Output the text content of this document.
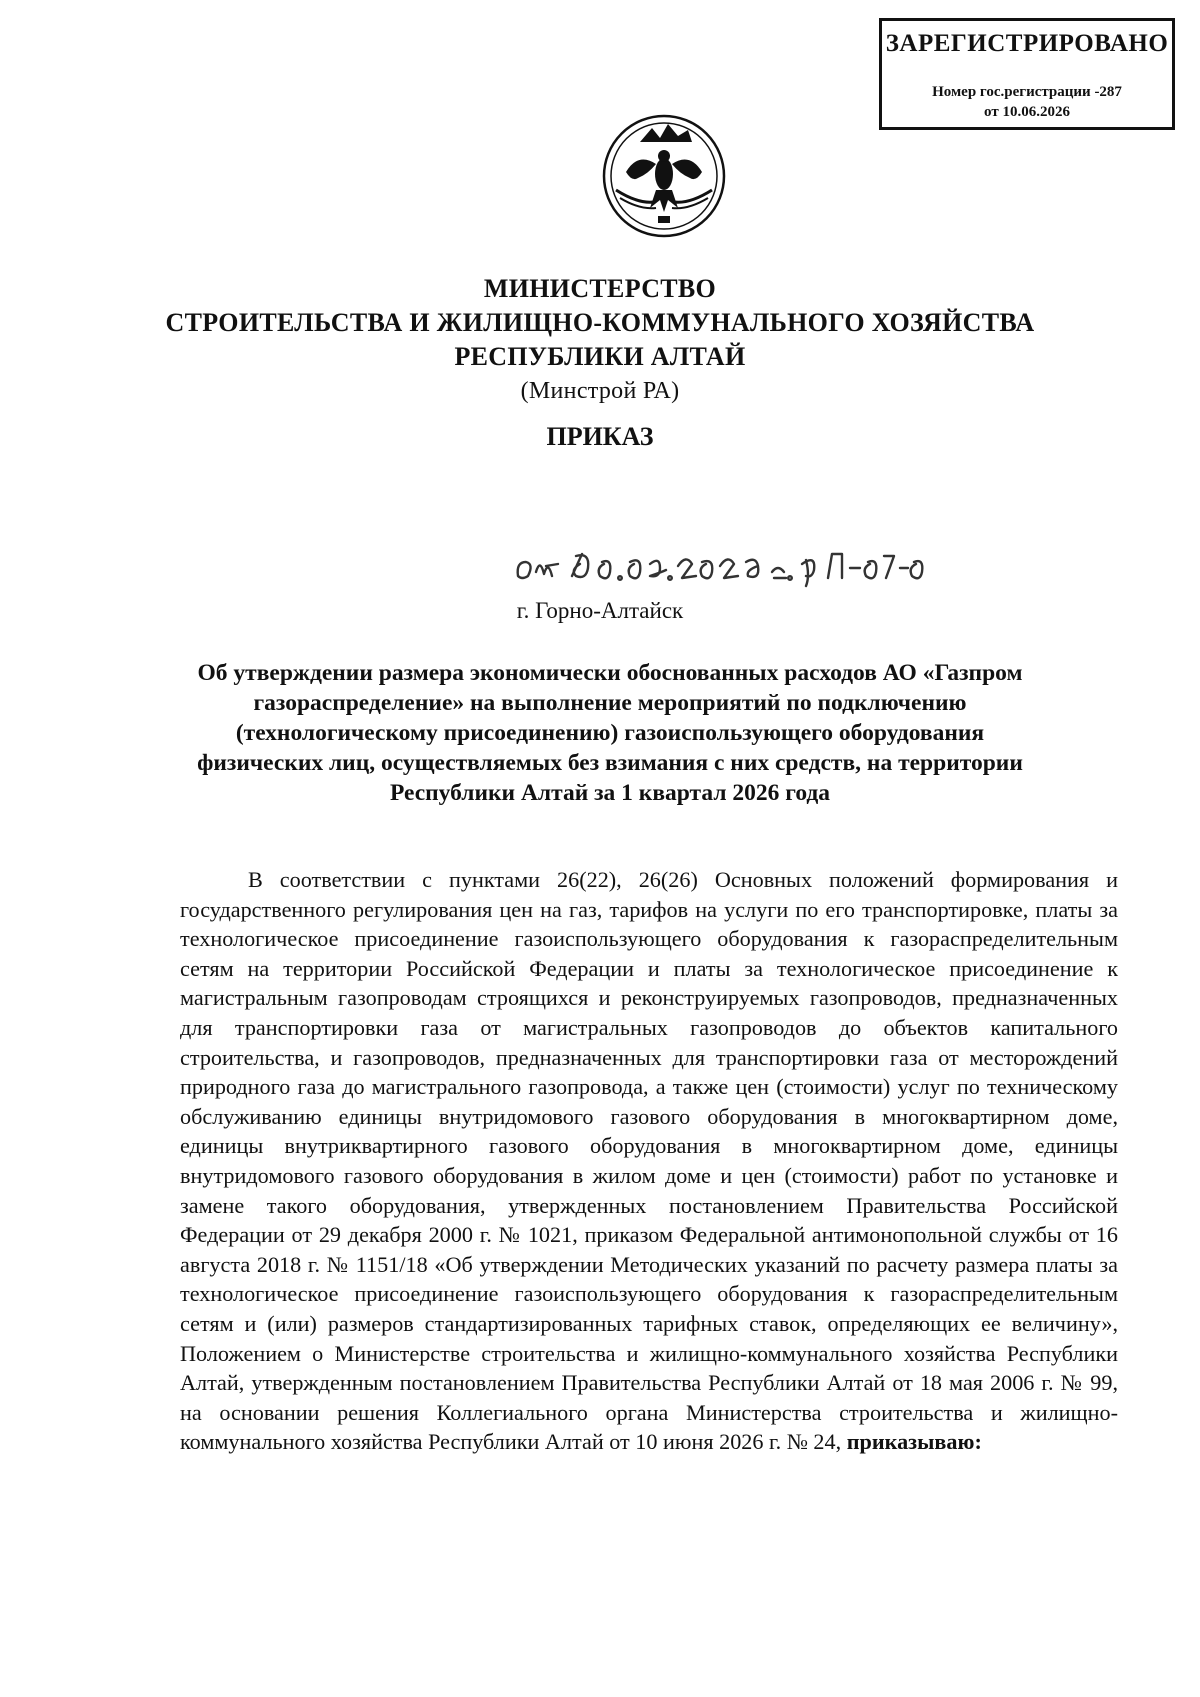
ЗАРЕГИСТРИРОВАНО
Номер гос.регистрации -287
от 10.06.2026
МИНИСТЕРСТВО
СТРОИТЕЛЬСТВА И ЖИЛИЩНО-КОММУНАЛЬНОГО ХОЗЯЙСТВА
РЕСПУБЛИКИ АЛТАЙ
(Минстрой РА)
ПРИКАЗ
г. Горно-Алтайск
Об утверждении размера экономически обоснованных расходов АО «Газпром газораспределение» на выполнение мероприятий по подключению (технологическому присоединению) газоиспользующего оборудования физических лиц, осуществляемых без взимания с них средств, на территории Республики Алтай за 1 квартал 2026 года

В соответствии с пунктами 26(22), 26(26) Основных положений формирования и государственного регулирования цен на газ, тарифов на услуги по его транспортировке, платы за технологическое присоединение газоиспользующего оборудования к газораспределительным сетям на территории Российской Федерации и платы за технологическое присоединение к магистральным газопроводам строящихся и реконструируемых газопроводов, предназначенных для транспортировки газа от магистральных газопроводов до объектов капитального строительства, и газопроводов, предназначенных для транспортировки газа от месторождений природного газа до магистрального газопровода, а также цен (стоимости) услуг по техническому обслуживанию единицы внутридомового газового оборудования в многоквартирном доме, единицы внутриквартирного газового оборудования в многоквартирном доме, единицы внутридомового газового оборудования в жилом доме и цен (стоимости) работ по установке и замене такого оборудования, утвержденных постановлением Правительства Российской Федерации от 29 декабря 2000 г. № 1021, приказом Федеральной антимонопольной службы от 16 августа 2018 г. № 1151/18 «Об утверждении Методических указаний по расчету размера платы за технологическое присоединение газоиспользующего оборудования к газораспределительным сетям и (или) размеров стандартизированных тарифных ставок, определяющих ее величину», Положением о Министерстве строительства и жилищно-коммунального хозяйства Республики Алтай, утвержденным постановлением Правительства Республики Алтай от 18 мая 2006 г. № 99, на основании решения Коллегиального органа Министерства строительства и жилищно-коммунального хозяйства Республики Алтай от 10 июня 2026 г. № 24, приказываю:
